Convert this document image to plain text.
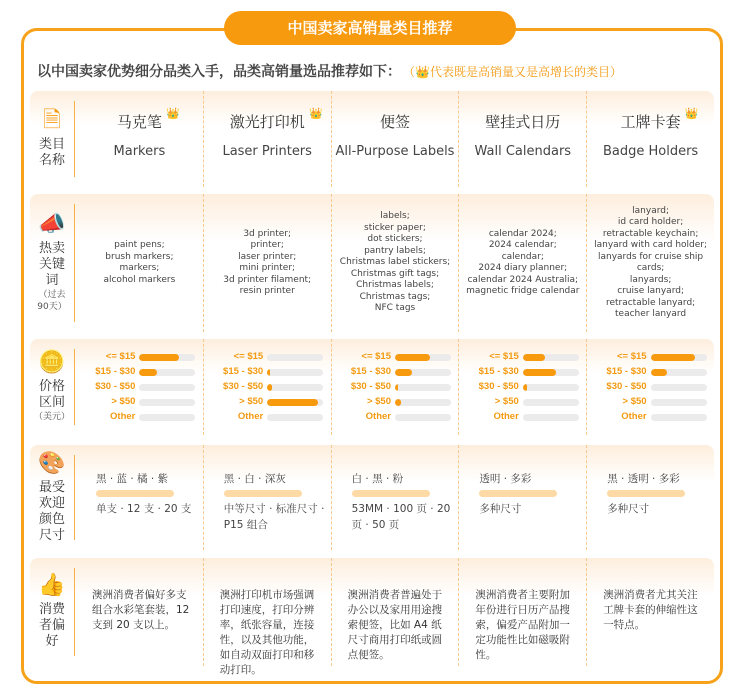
中国卖家高销量类目推荐
以中国卖家优势细分品类入手，品类高销量选品推荐如下： （👑代表既是高销量又是高增长的类目）
🗎
类目名称
马克笔 👑
Markers
激光打印机 👑
Laser Printers
便签
All-Purpose Labels
壁挂式日历
Wall Calendars
工牌卡套 👑
Badge Holders
📣
热卖关键词
（过去90天）
paint pens;
brush markers;
markers;
alcohol markers
3d printer;
printer;
laser printer;
mini printer;
3d printer filament;
resin printer
labels;
sticker paper;
dot stickers;
pantry labels;
Christmas label stickers;
Christmas gift tags;
Christmas labels;
Christmas tags;
NFC tags
calendar 2024;
2024 calendar;
calendar;
2024 diary planner;
calendar 2024 Australia;
magnetic fridge calendar
lanyard;
id card holder;
retractable keychain;
lanyard with card holder;
lanyards for cruise ship cards;
lanyards;
cruise lanyard;
retractable lanyard;
teacher lanyard
🪙
价格区间
（美元）
<= $15
$15 - $30
$30 - $50
> $50
Other
<= $15
$15 - $30
$30 - $50
> $50
Other
<= $15
$15 - $30
$30 - $50
> $50
Other
<= $15
$15 - $30
$30 - $50
> $50
Other
<= $15
$15 - $30
$30 - $50
> $50
Other
🎨
最受欢迎颜色尺寸
黑 · 蓝 · 橘 · 紫
单支 · 12 支 · 20 支
黑 · 白 · 深灰
中等尺寸 · 标准尺寸 · P15 组合
白 · 黑 · 粉
53MM · 100 页 · 20 页 · 50 页
透明 · 多彩
多种尺寸
黑 · 透明 · 多彩
多种尺寸
👍
消费者偏好
澳洲消费者偏好多支组合水彩笔套装，12支到 20 支以上。
澳洲打印机市场强调打印速度，打印分辨率，纸张容量，连接性，以及其他功能，如自动双面打印和移动打印。
澳洲消费者普遍处于办公以及家用用途搜索便签，比如 A4 纸尺寸商用打印纸或圆点便签。
澳洲消费者主要附加年份进行日历产品搜索，偏爱产品附加一定功能性比如磁吸附性。
澳洲消费者尤其关注工牌卡套的伸缩性这一特点。
